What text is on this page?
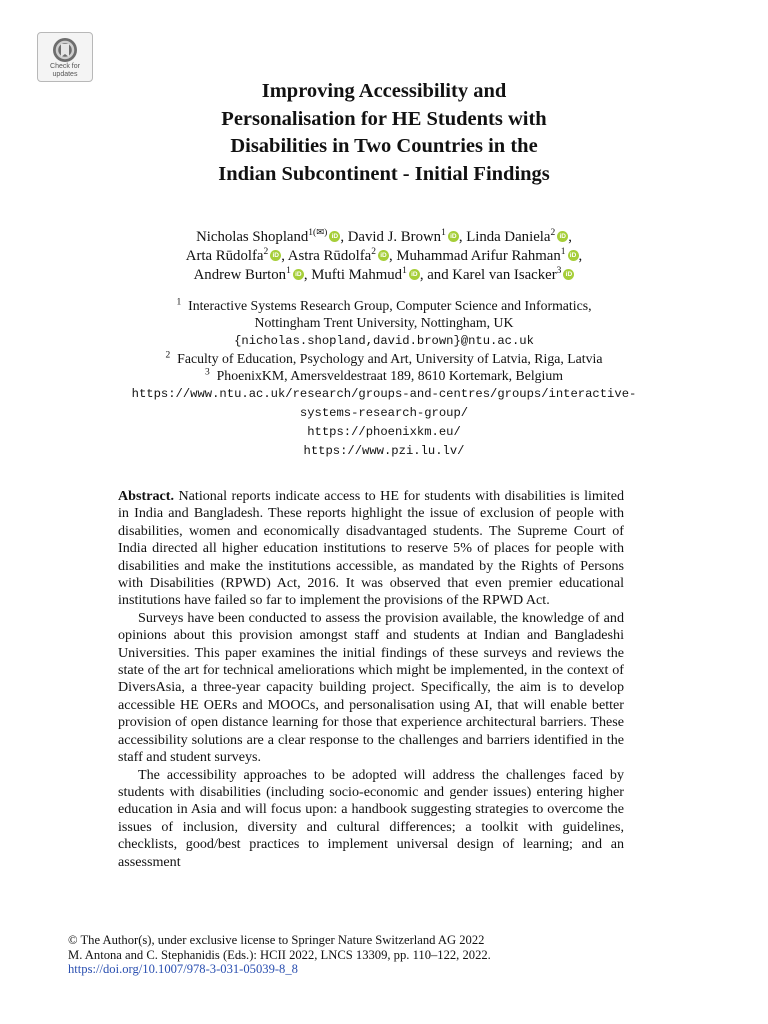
Check for
updates
Improving Accessibility and
Personalisation for HE Students with
Disabilities in Two Countries in the
Indian Subcontinent - Initial Findings
Nicholas Shopland$^{1(✉)}$ iD , David J. Brown$^1$ iD , Linda Daniela$^2$ iD ,
Arta Rūdolfa$^2$ iD , Astra Rūdolfa$^2$ iD , Muhammad Arifur Rahman$^1$ iD ,
Andrew Burton$^1$ iD , Mufti Mahmud$^1$ iD , and Karel van Isacker$^3$ iD
$^1$ Interactive Systems Research Group, Computer Science and Informatics,
Nottingham Trent University, Nottingham, UK
{nicholas.shopland,david.brown}@ntu.ac.uk
$^2$ Faculty of Education, Psychology and Art, University of Latvia, Riga, Latvia
$^3$ PhoenixKM, Amersveldestraat 189, 8610 Kortemark, Belgium
https://www.ntu.ac.uk/research/groups-and-centres/groups/interactive-
systems-research-group/
https://phoenixkm.eu/
https://www.pzi.lu.lv/

Abstract. National reports indicate access to HE for students with disabilities is limited in India and Bangladesh. These reports highlight the issue of exclusion of people with disabilities, women and economically disadvantaged students. The Supreme Court of India directed all higher education institutions to reserve 5% of places for people with disabilities and make the institutions accessible, as mandated by the Rights of Persons with Disabilities (RPWD) Act, 2016. It was observed that even premier educational institutions have failed so far to implement the provisions of the RPWD Act.

Surveys have been conducted to assess the provision available, the knowledge of and opinions about this provision amongst staff and students at Indian and Bangladeshi Universities. This paper examines the initial findings of these surveys and reviews the state of the art for technical ameliorations which might be implemented, in the context of DiversAsia, a three-year capacity building project. Specifically, the aim is to develop accessible HE OERs and MOOCs, and personalisation using AI, that will enable better provision of open distance learning for those that experience architectural barriers. These accessibility solutions are a clear response to the challenges and barriers identified in the staff and student surveys.

The accessibility approaches to be adopted will address the challenges faced by students with disabilities (including socio-economic and gender issues) entering higher education in Asia and will focus upon: a handbook suggesting strategies to overcome the issues of inclusion, diversity and cultural differences; a toolkit with guidelines, checklists, good/best practices to implement universal design of learning; and an assessment

© The Author(s), under exclusive license to Springer Nature Switzerland AG 2022
M. Antona and C. Stephanidis (Eds.): HCII 2022, LNCS 13309, pp. 110–122, 2022.
https://doi.org/10.1007/978-3-031-05039-8_8
